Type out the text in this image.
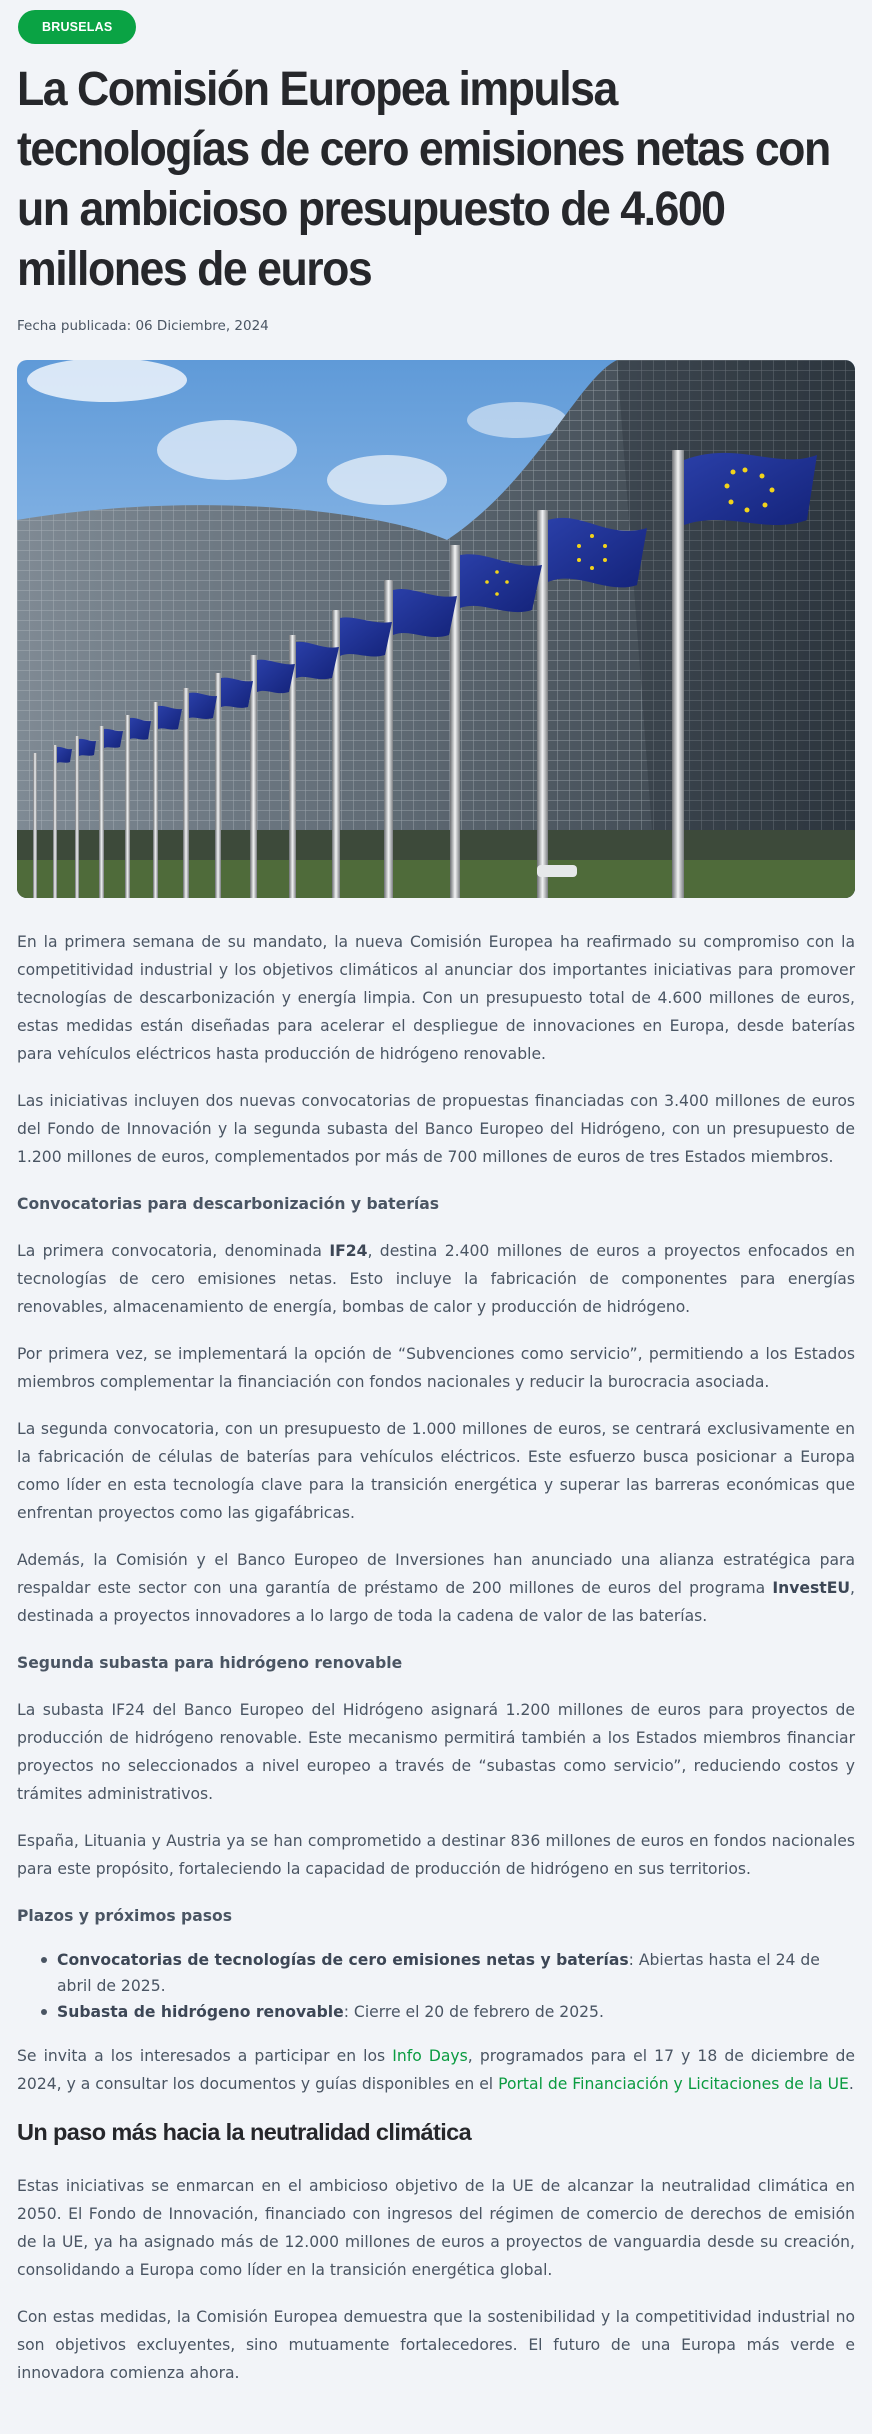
BRUSELAS
La Comisión Europea impulsa tecnologías de cero emisiones netas con un ambicioso presupuesto de 4.600 millones de euros
Fecha publicada: 06 Diciembre, 2024

En la primera semana de su mandato, la nueva Comisión Europea ha reafirmado su compromiso con la competitividad industrial y los objetivos climáticos al anunciar dos importantes iniciativas para promover tecnologías de descarbonización y energía limpia. Con un presupuesto total de 4.600 millones de euros, estas medidas están diseñadas para acelerar el despliegue de innovaciones en Europa, desde baterías para vehículos eléctricos hasta producción de hidrógeno renovable.

Las iniciativas incluyen dos nuevas convocatorias de propuestas financiadas con 3.400 millones de euros del Fondo de Innovación y la segunda subasta del Banco Europeo del Hidrógeno, con un presupuesto de 1.200 millones de euros, complementados por más de 700 millones de euros de tres Estados miembros.

Convocatorias para descarbonización y baterías

La primera convocatoria, denominada IF24, destina 2.400 millones de euros a proyectos enfocados en tecnologías de cero emisiones netas. Esto incluye la fabricación de componentes para energías renovables, almacenamiento de energía, bombas de calor y producción de hidrógeno.

Por primera vez, se implementará la opción de “Subvenciones como servicio”, permitiendo a los Estados miembros complementar la financiación con fondos nacionales y reducir la burocracia asociada.

La segunda convocatoria, con un presupuesto de 1.000 millones de euros, se centrará exclusivamente en la fabricación de células de baterías para vehículos eléctricos. Este esfuerzo busca posicionar a Europa como líder en esta tecnología clave para la transición energética y superar las barreras económicas que enfrentan proyectos como las gigafábricas.

Además, la Comisión y el Banco Europeo de Inversiones han anunciado una alianza estratégica para respaldar este sector con una garantía de préstamo de 200 millones de euros del programa InvestEU, destinada a proyectos innovadores a lo largo de toda la cadena de valor de las baterías.

Segunda subasta para hidrógeno renovable

La subasta IF24 del Banco Europeo del Hidrógeno asignará 1.200 millones de euros para proyectos de producción de hidrógeno renovable. Este mecanismo permitirá también a los Estados miembros financiar proyectos no seleccionados a nivel europeo a través de “subastas como servicio”, reduciendo costos y trámites administrativos.

España, Lituania y Austria ya se han comprometido a destinar 836 millones de euros en fondos nacionales para este propósito, fortaleciendo la capacidad de producción de hidrógeno en sus territorios.

Plazos y próximos pasos
Convocatorias de tecnologías de cero emisiones netas y baterías: Abiertas hasta el 24 de abril de 2025.
Subasta de hidrógeno renovable: Cierre el 20 de febrero de 2025.

Se invita a los interesados a participar en los Info Days, programados para el 17 y 18 de diciembre de 2024, y a consultar los documentos y guías disponibles en el Portal de Financiación y Licitaciones de la UE.

Un paso más hacia la neutralidad climática

Estas iniciativas se enmarcan en el ambicioso objetivo de la UE de alcanzar la neutralidad climática en 2050. El Fondo de Innovación, financiado con ingresos del régimen de comercio de derechos de emisión de la UE, ya ha asignado más de 12.000 millones de euros a proyectos de vanguardia desde su creación, consolidando a Europa como líder en la transición energética global.

Con estas medidas, la Comisión Europea demuestra que la sostenibilidad y la competitividad industrial no son objetivos excluyentes, sino mutuamente fortalecedores. El futuro de una Europa más verde e innovadora comienza ahora.
